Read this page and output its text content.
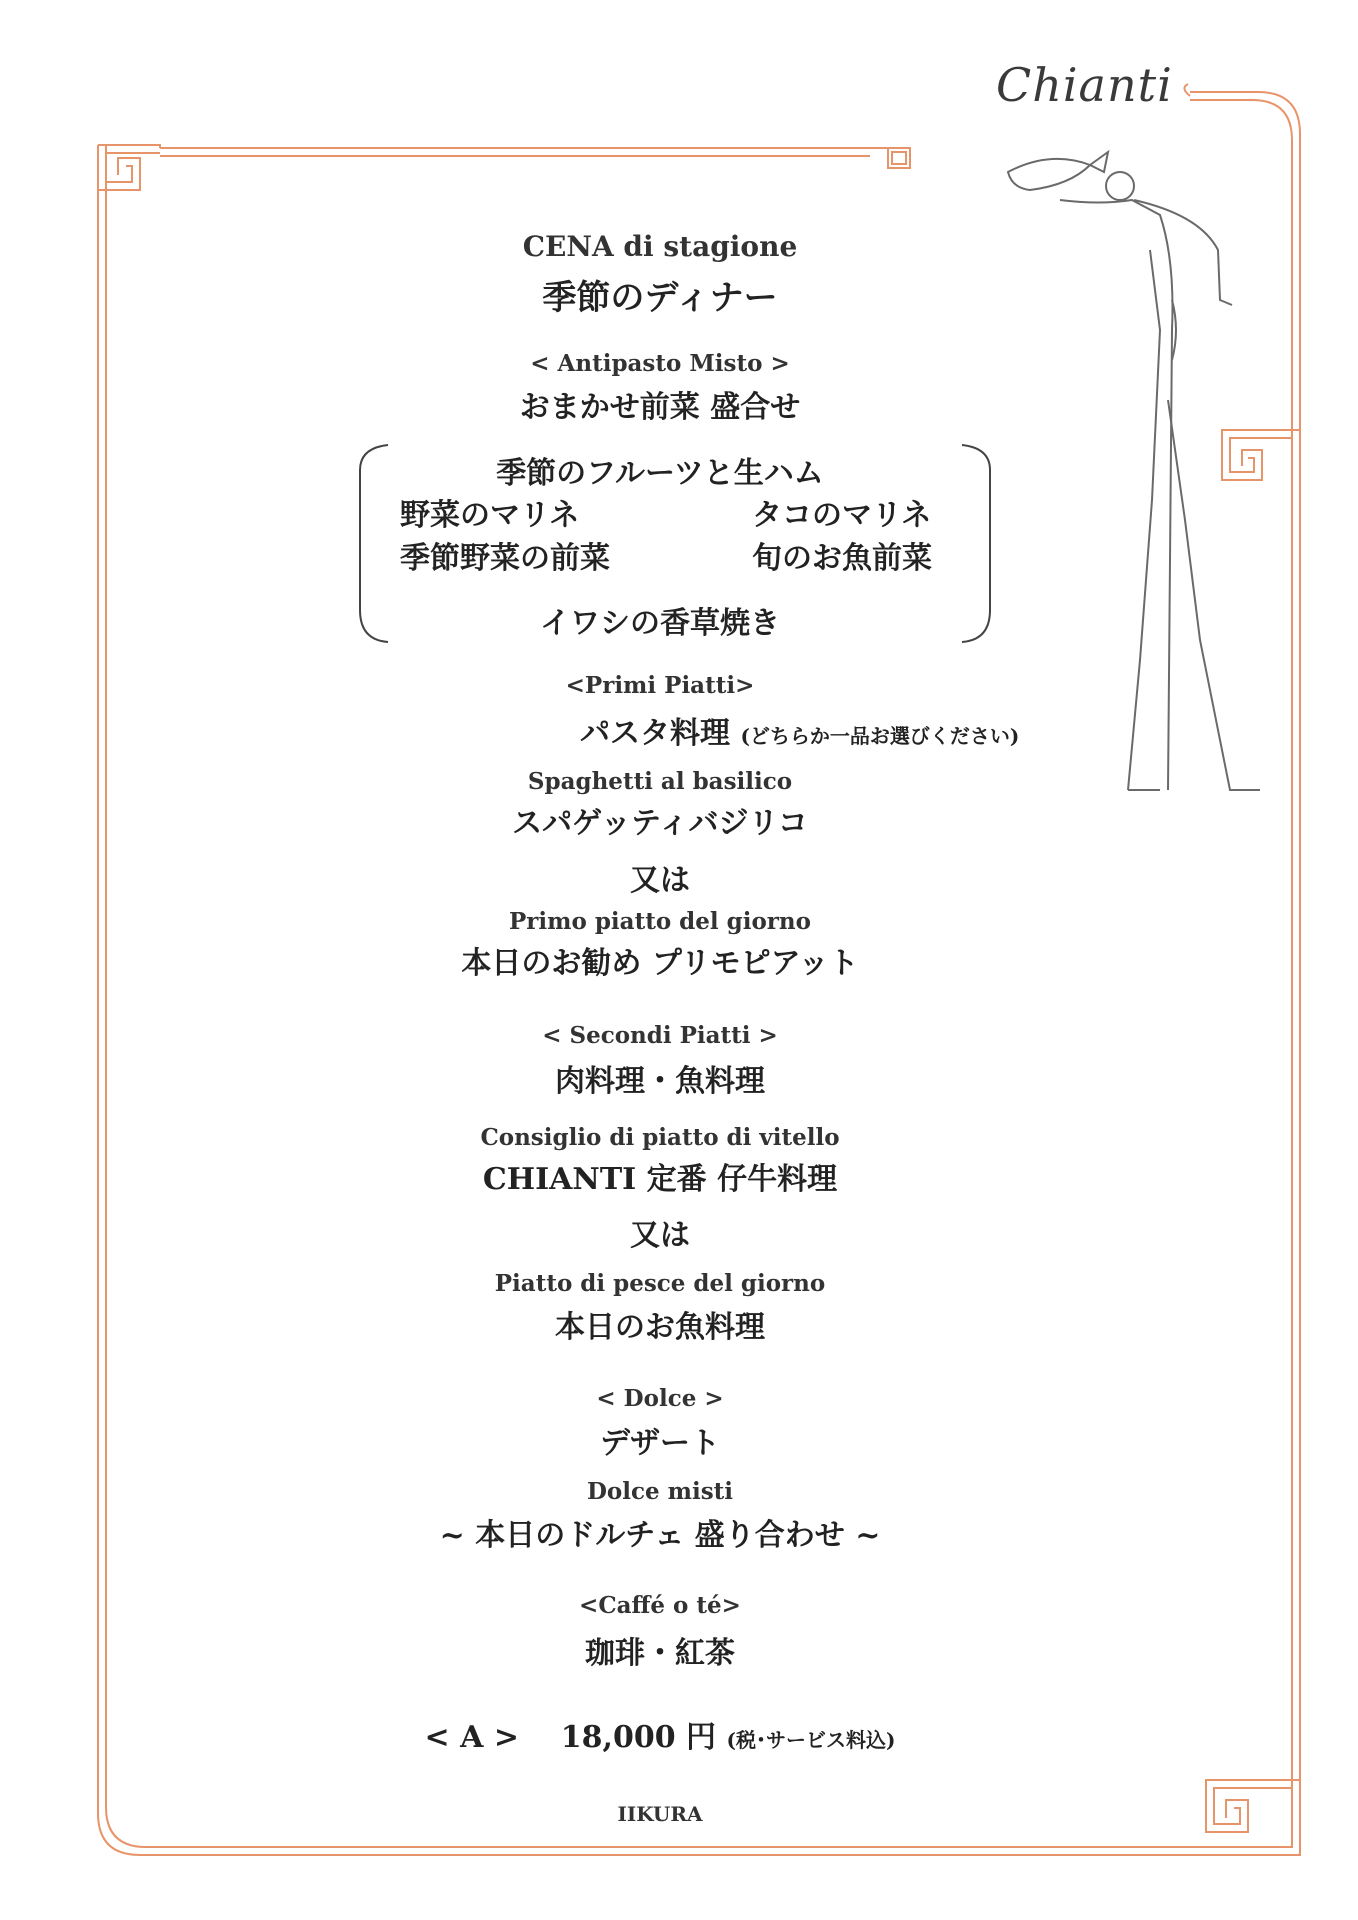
Chianti
CENA di stagione
季節のディナー
< Antipasto Misto >
おまかせ前菜 盛合せ
季節のフルーツと生ハム
野菜のマリネ	タコのマリネ
季節野菜の前菜	旬のお魚前菜
イワシの香草焼き
<Primi Piatti>
パスタ料理 (どちらか一品お選びください)
Spaghetti al basilico
スパゲッティバジリコ
又は
Primo piatto del giorno
本日のお勧め プリモピアット
< Secondi Piatti >
肉料理・魚料理
Consiglio di piatto di vitello
CHIANTI 定番 仔牛料理
又は
Piatto di pesce del giorno
本日のお魚料理
< Dolce >
デザート
Dolce misti
~ 本日のドルチェ 盛り合わせ ~
<Caffé o té>
珈琲・紅茶
< A > 18,000 円 (税･サービス料込)
IIKURA
